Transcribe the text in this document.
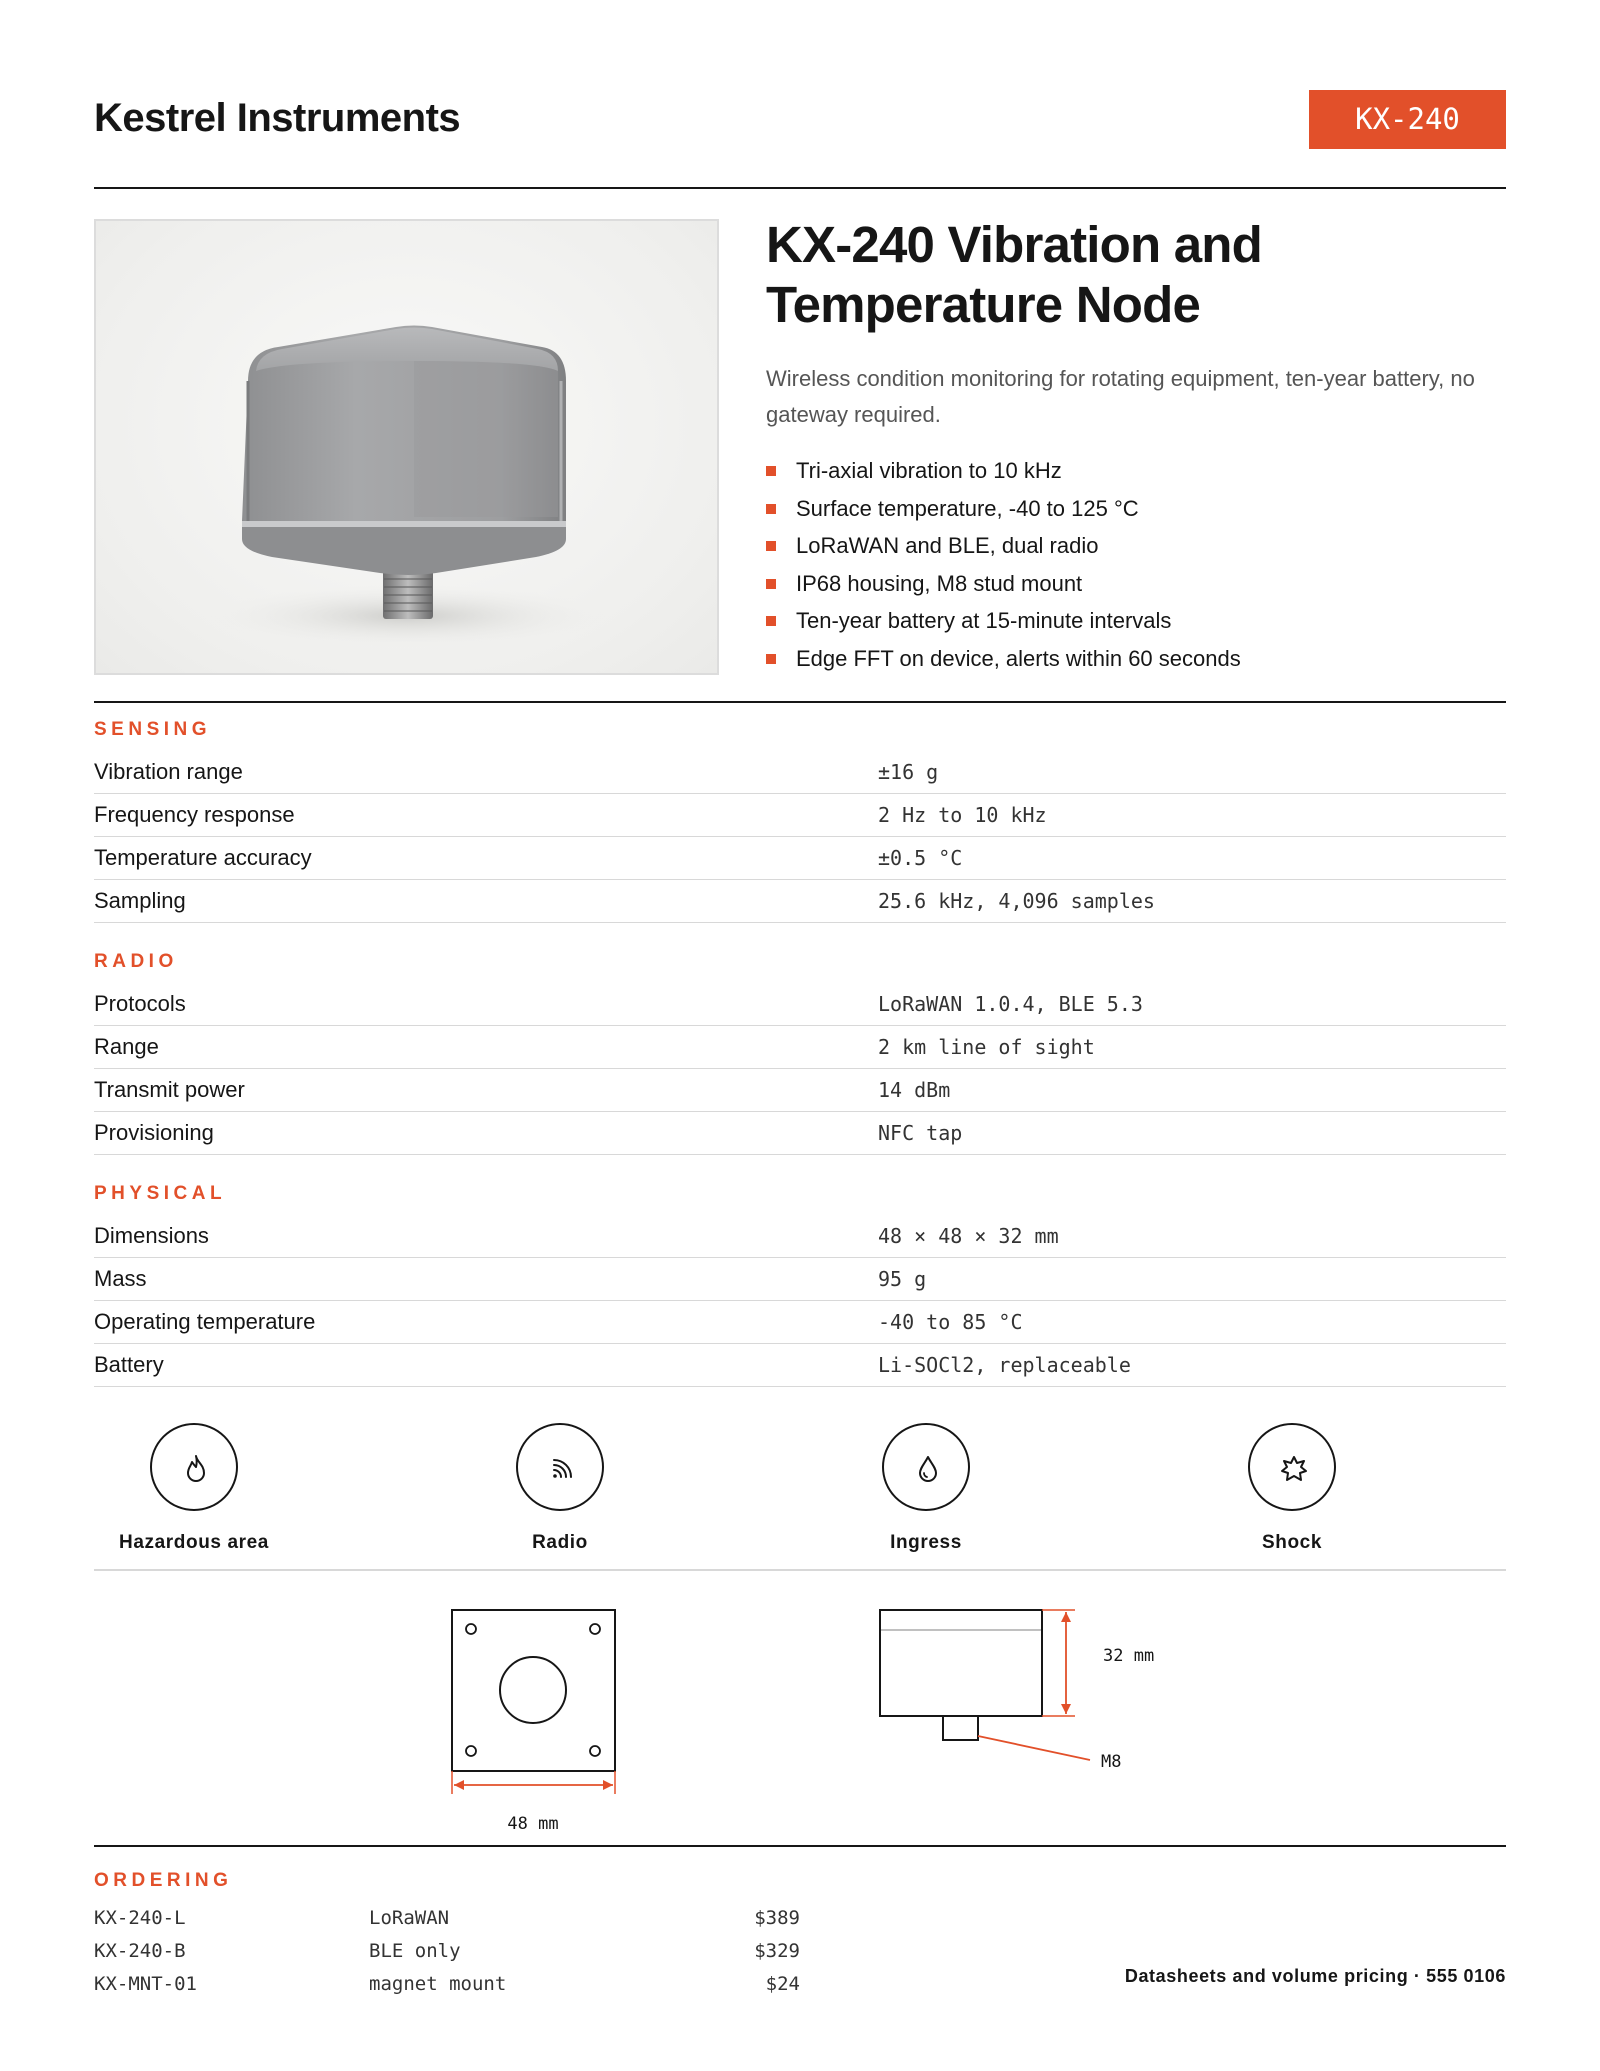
Kestrel Instruments	KX-240
KX-240 Vibration and
Temperature Node

Wireless condition monitoring for rotating equipment, ten-year battery, no gateway required.

Tri-axial vibration to 10 kHz
Surface temperature, -40 to 125 °C
LoRaWAN and BLE, dual radio
IP68 housing, M8 stud mount
Ten-year battery at 15-minute intervals
Edge FFT on device, alerts within 60 seconds
SENSING
Vibration range	±16 g
Frequency response	2 Hz to 10 kHz
Temperature accuracy	±0.5 °C
Sampling	25.6 kHz, 4,096 samples
RADIO
Protocols	LoRaWAN 1.0.4, BLE 5.3
Range	2 km line of sight
Transmit power	14 dBm
Provisioning	NFC tap
PHYSICAL
Dimensions	48 × 48 × 32 mm
Mass	95 g
Operating temperature	-40 to 85 °C
Battery	Li-SOCl2, replaceable
Hazardous area	Radio	Ingress	Shock
48 mm
32 mm
M8
ORDERING
KX-240-L	LoRaWAN	$389
KX-240-B	BLE only	$329
KX-MNT-01	magnet mount	$24	Datasheets and volume pricing · 555 0106
